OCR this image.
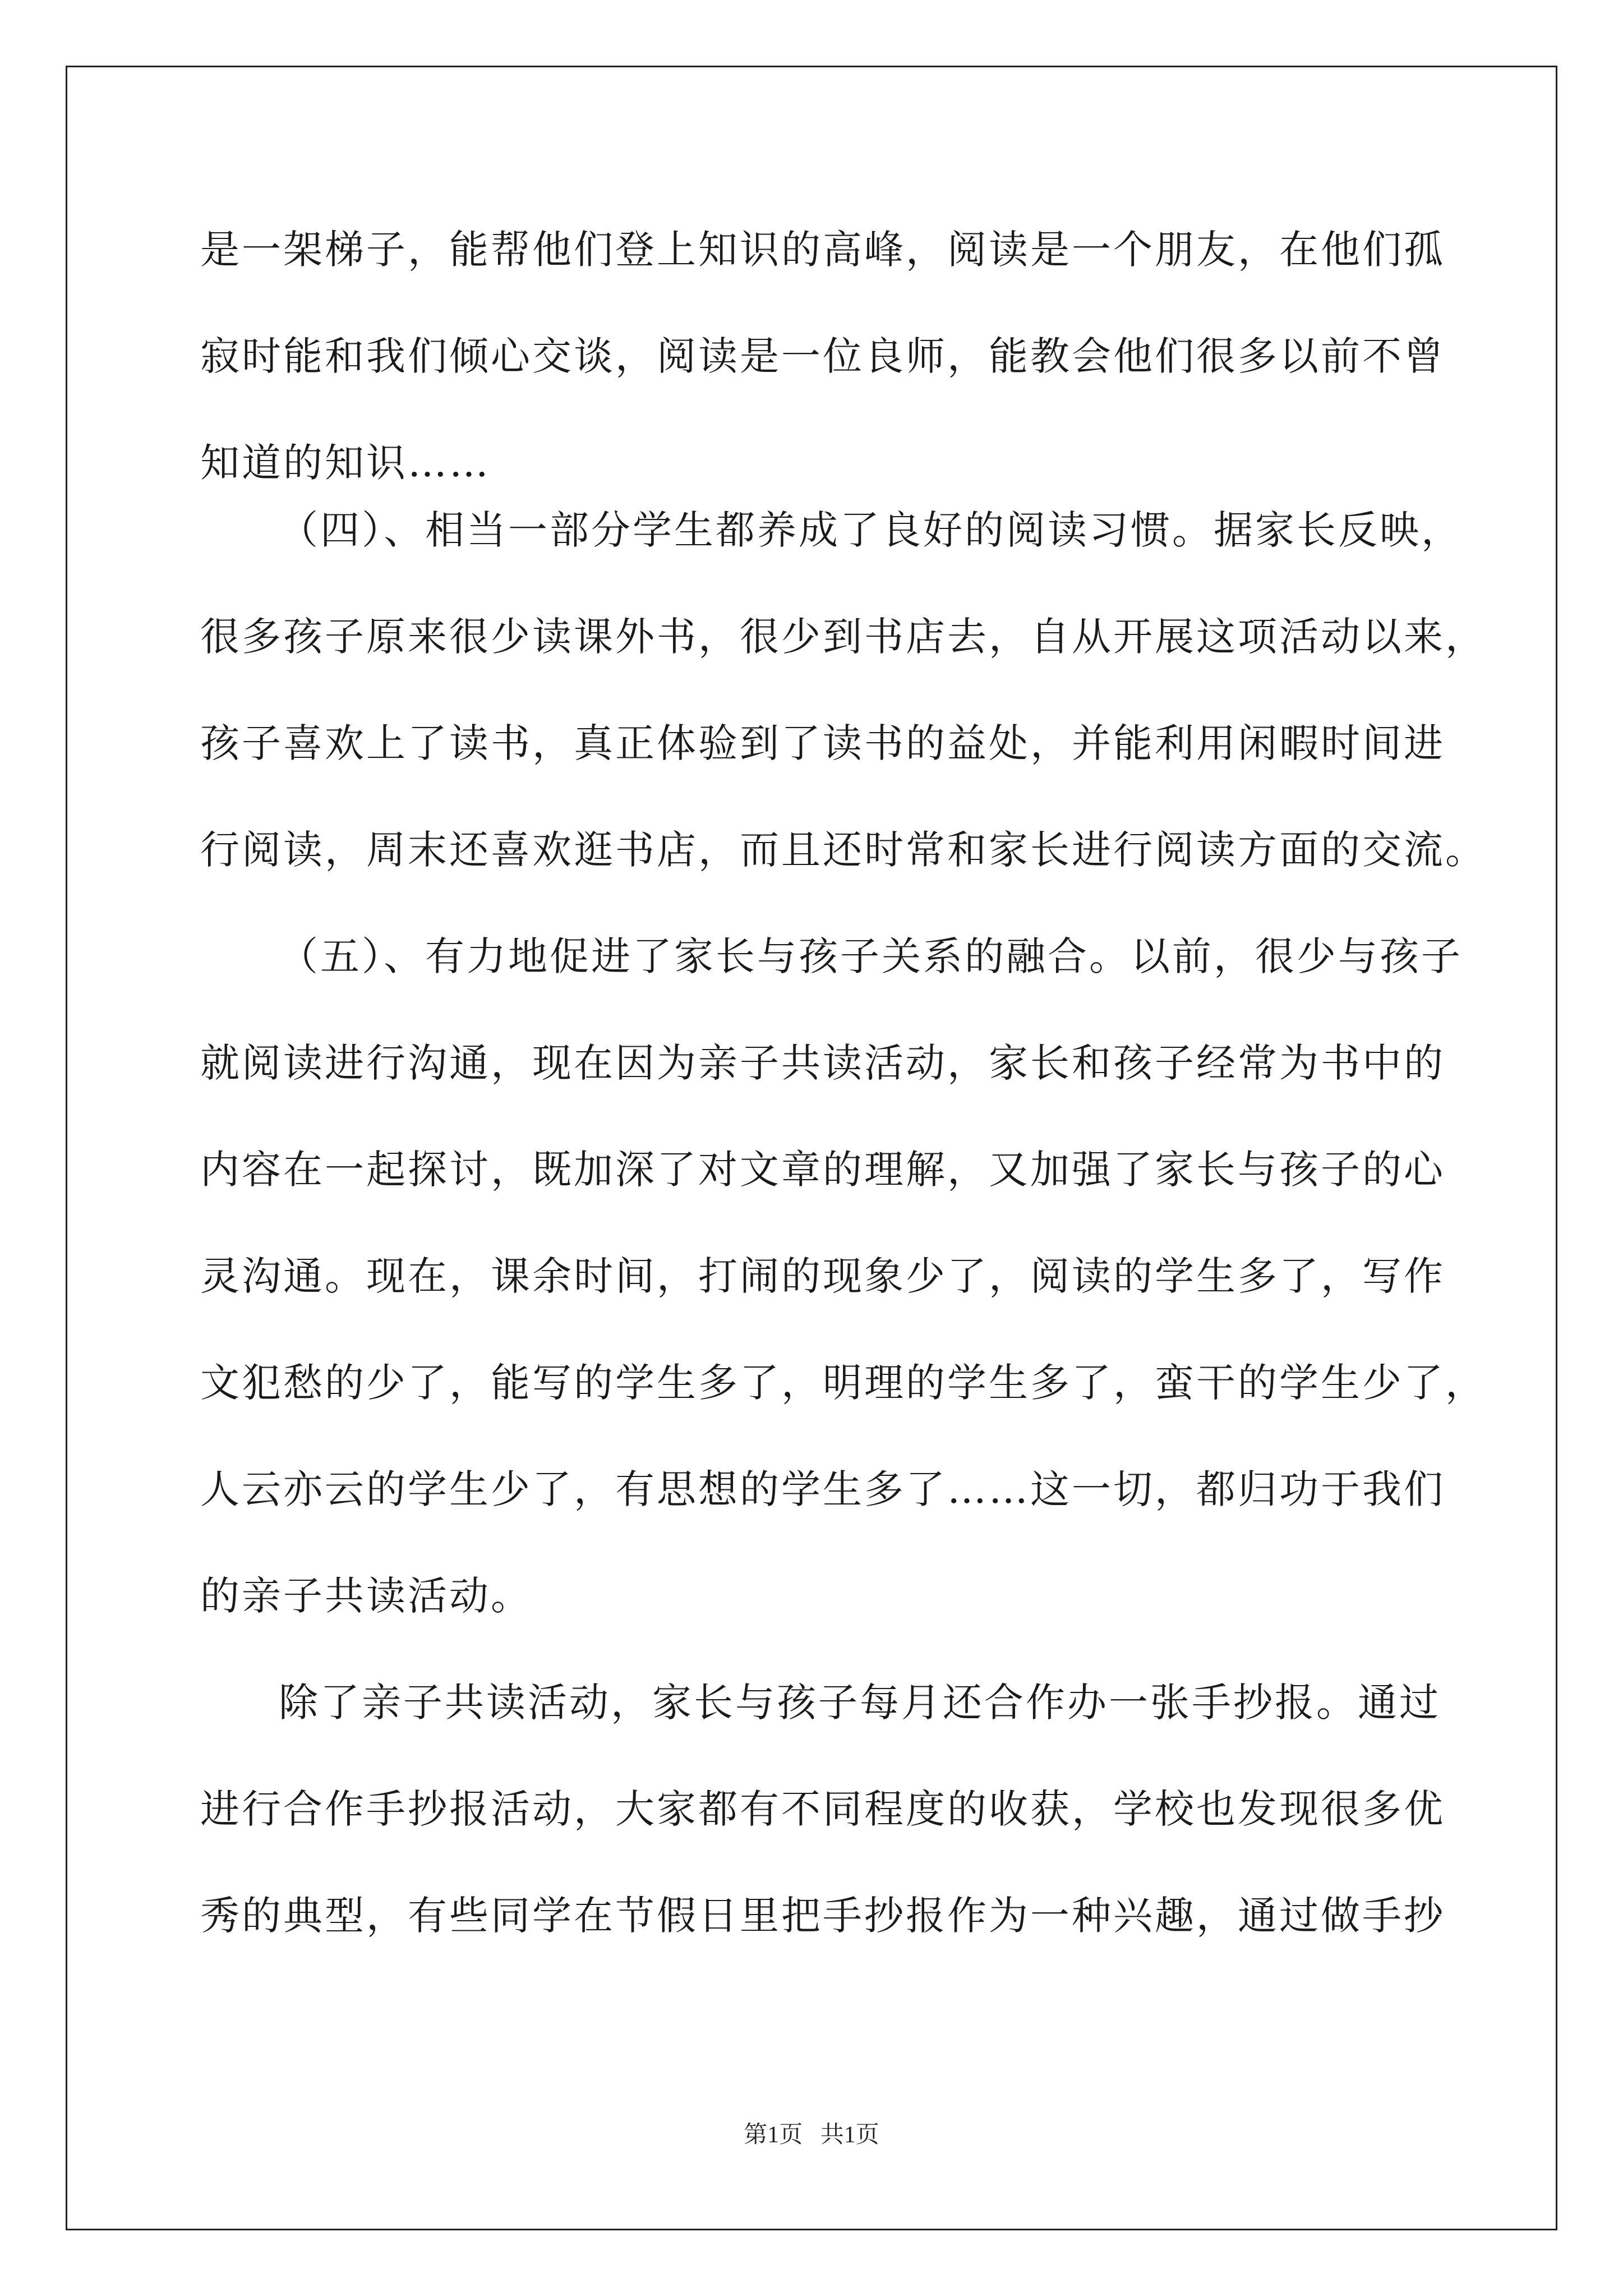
是一架梯子，能帮他们登上知识的高峰，阅读是一个朋友，在他们孤
寂时能和我们倾心交谈，阅读是一位良师，能教会他们很多以前不曾
知道的知识……
（四）、相当一部分学生都养成了良好的阅读习惯。据家长反映，
很多孩子原来很少读课外书，很少到书店去，自从开展这项活动以来，
孩子喜欢上了读书，真正体验到了读书的益处，并能利用闲暇时间进
行阅读，周末还喜欢逛书店，而且还时常和家长进行阅读方面的交流。
（五）、有力地促进了家长与孩子关系的融合。以前，很少与孩子
就阅读进行沟通，现在因为亲子共读活动，家长和孩子经常为书中的
内容在一起探讨，既加深了对文章的理解，又加强了家长与孩子的心
灵沟通。现在，课余时间，打闹的现象少了，阅读的学生多了，写作
文犯愁的少了，能写的学生多了，明理的学生多了，蛮干的学生少了，
人云亦云的学生少了，有思想的学生多了……这一切，都归功于我们
的亲子共读活动。
除了亲子共读活动，家长与孩子每月还合作办一张手抄报。通过
进行合作手抄报活动，大家都有不同程度的收获，学校也发现很多优
秀的典型，有些同学在节假日里把手抄报作为一种兴趣，通过做手抄
第1页   共1页
